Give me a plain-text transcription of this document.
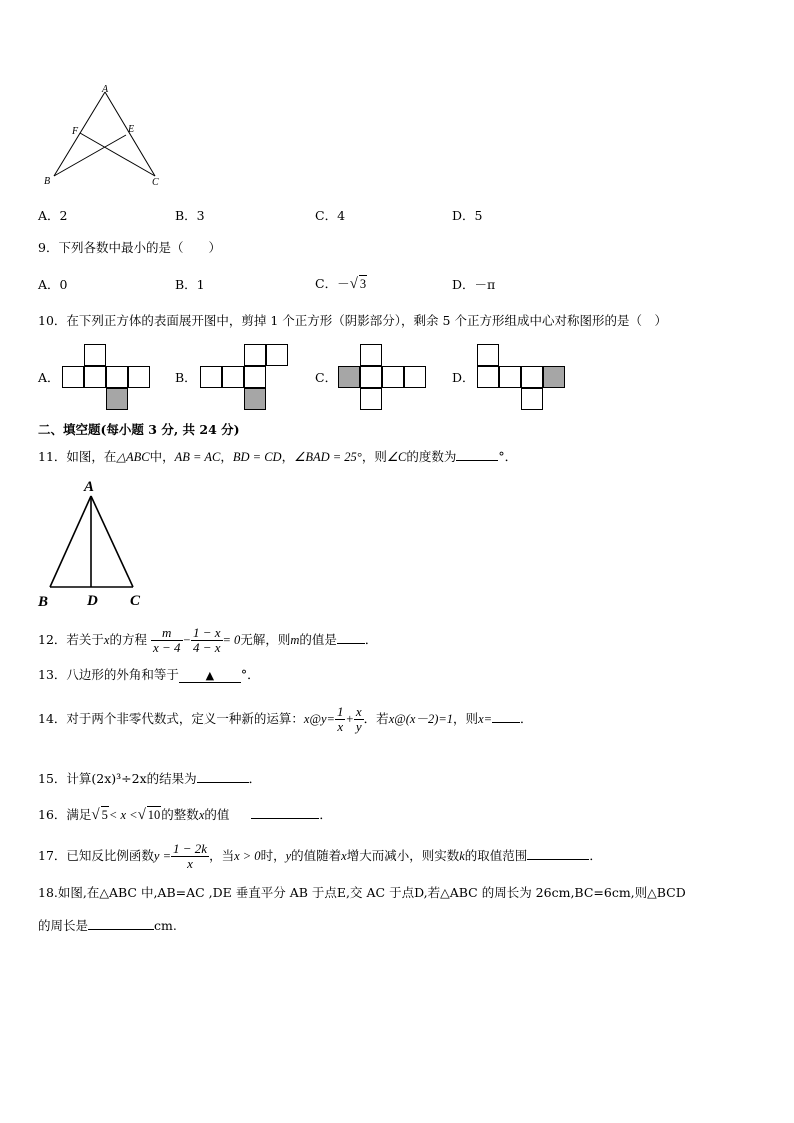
A
F	E
B	C
A．2	B．3	C．4	D．5
9．下列各数中最小的是（　　）
A．0	B．1	C．－√ 3	D．－π
10．在下列正方体的表面展开图中，剪掉 1 个正方形（阴影部分），剩余 5 个正方形组成中心对称图形的是（　）
A．	B．	C．	D．
二、填空题(每小题 3 分, 共 24 分)
11．如图，在△ABC中，AB = AC，BD = CD，∠BAD = 25°，则∠C的度数为	°．
A
B	D C
12．若关于x的方程 $\frac{m}{x - 4} - \frac{1 - x}{4 - x} = 0$无解，则m的值是 ．
13．八边形的外角和等于 ▲ °．
14．对于两个非零代数式，定义一种新的运算：x@y= $\frac{1}{x} + \frac{x}{y}$ ．若x@(x－2)=1，则x= ．
15．计算(2x)³÷2x的结果为	．
16．满足√ 5< x <√ 10的整数x的值	．
17．已知反比例函数$y = \frac{1 - 2k}{x}$ ，当x > 0时，y的值随着x增大而减小，则实数k的取值范围	．
18.如图,在△ABC 中,AB=AC ,DE 垂直平分 AB 于点E,交 AC 于点D,若△ABC 的周长为 26cm,BC=6cm,则△BCD
的周长是	cm.
